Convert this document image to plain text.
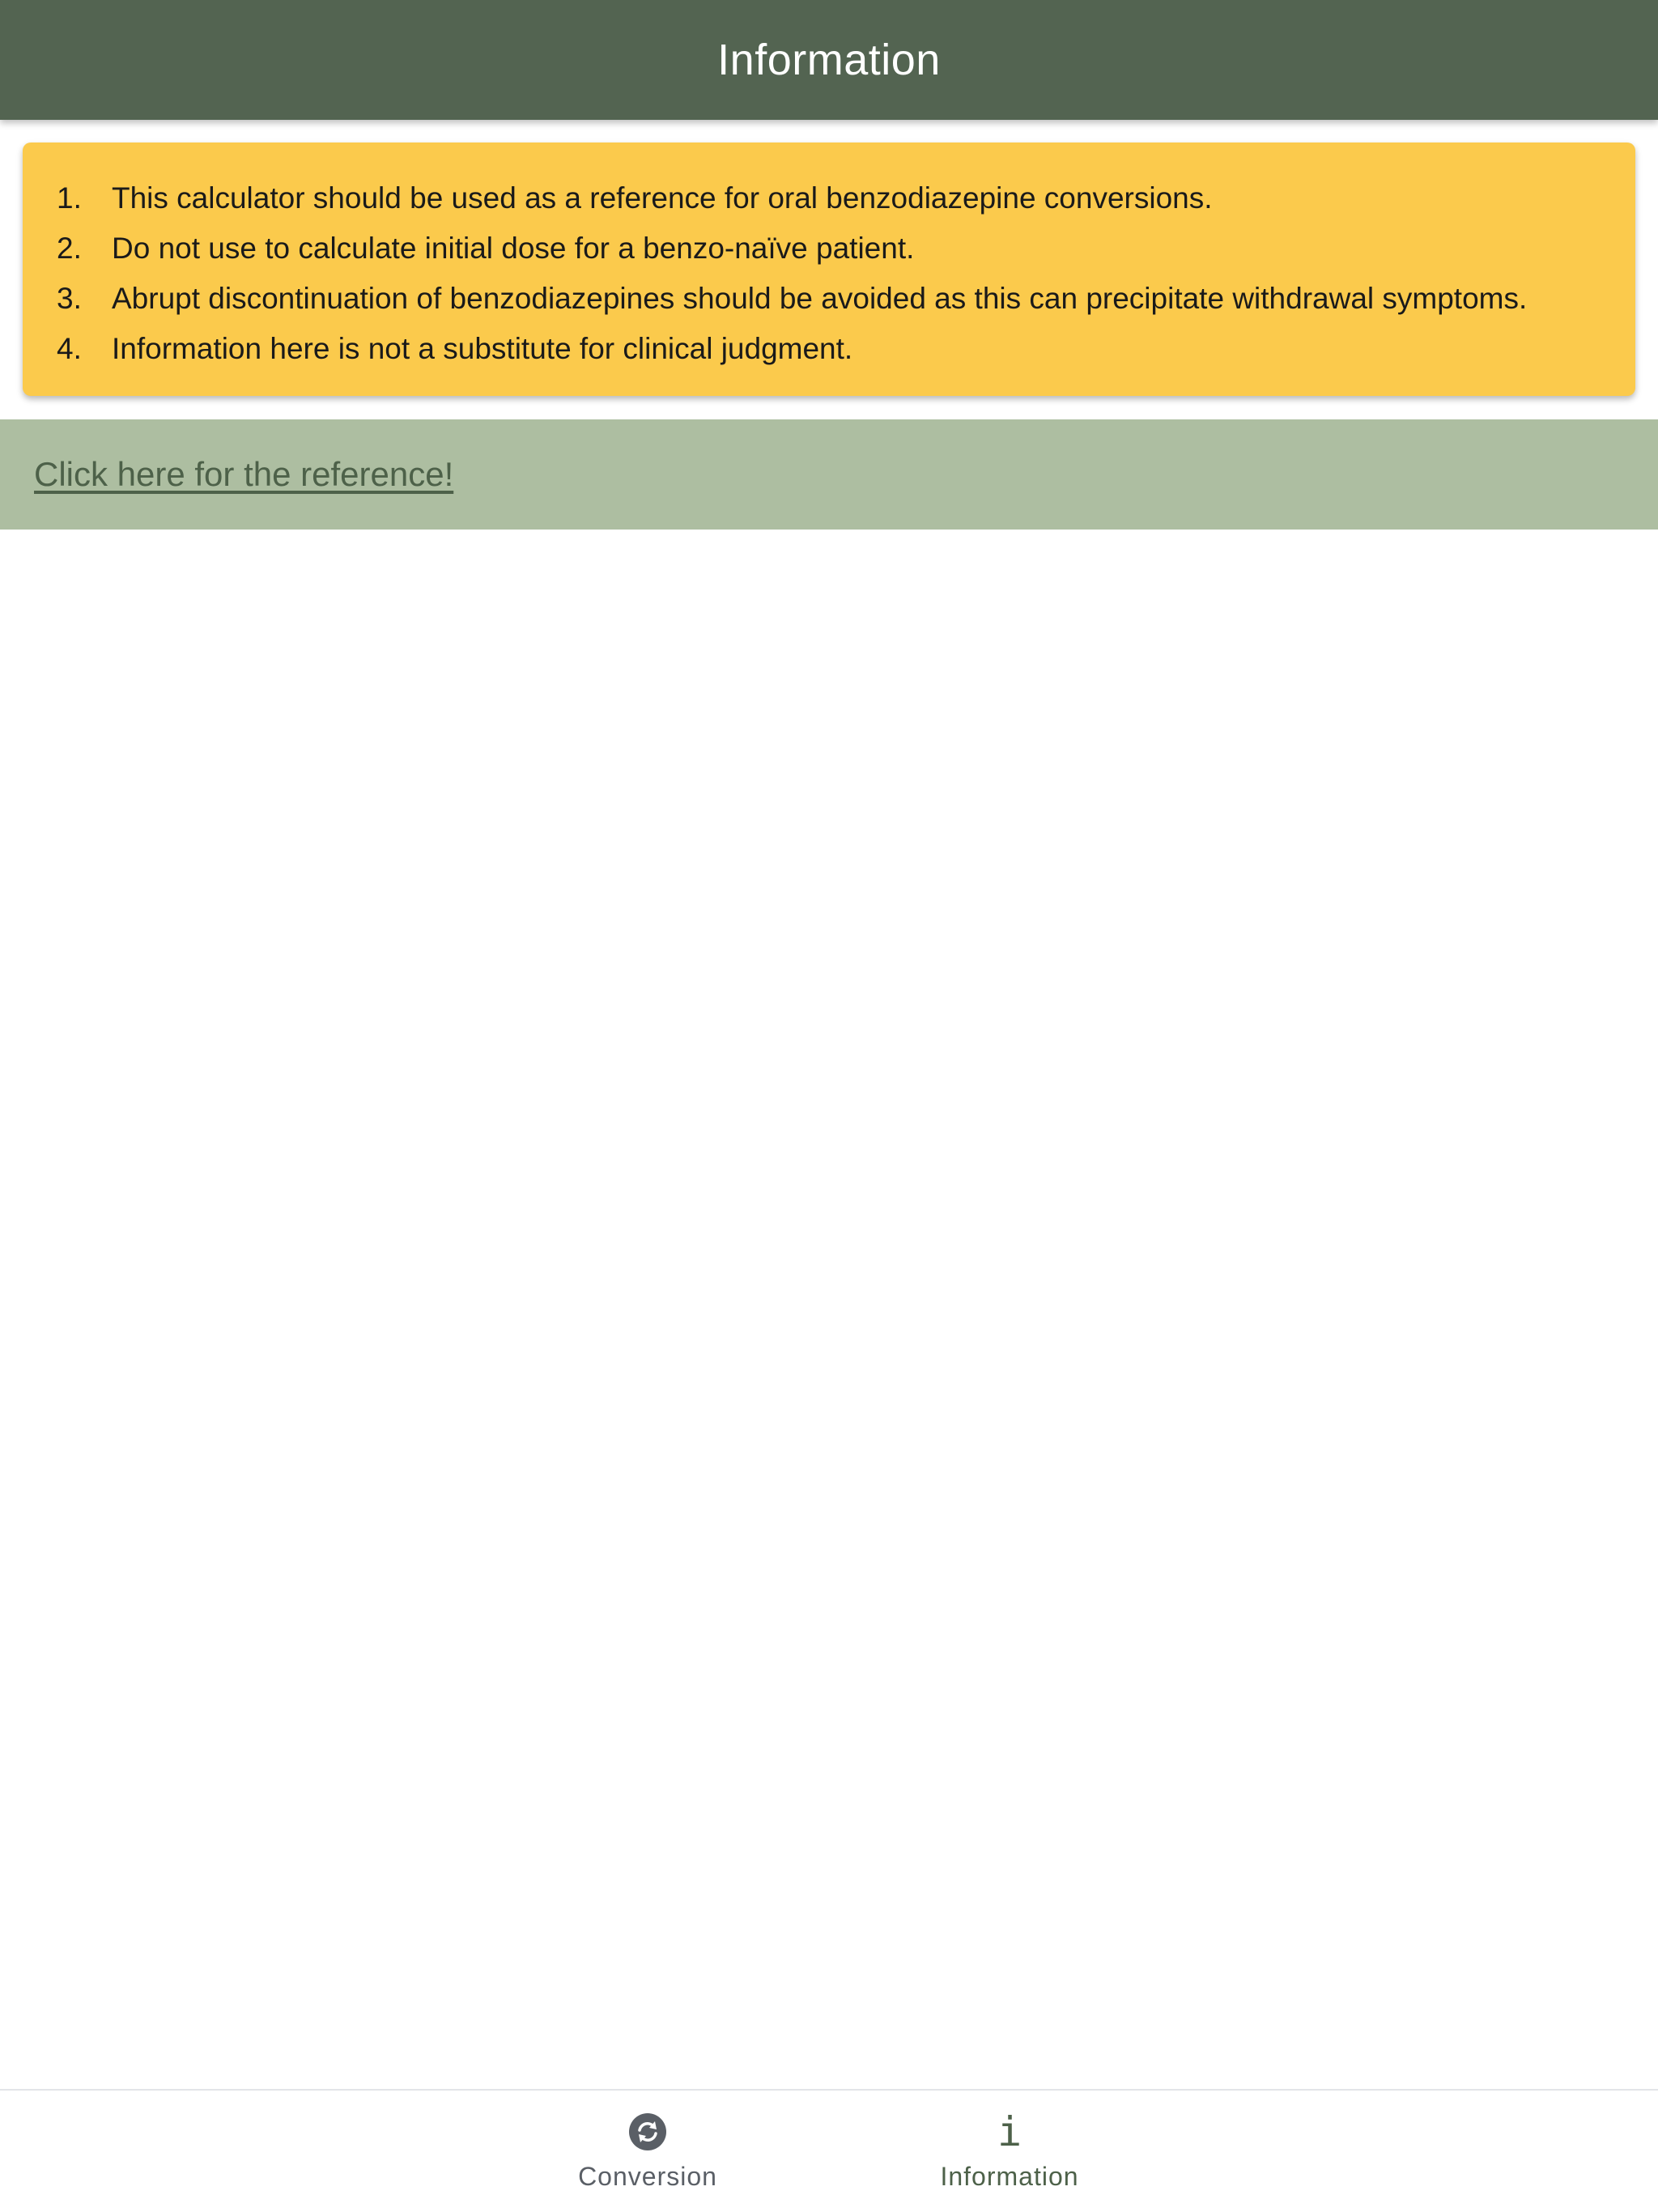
Information
1.	This calculator should be used as a reference for oral benzodiazepine conversions.
2.	Do not use to calculate initial dose for a benzo-naïve patient.
3.	Abrupt discontinuation of benzodiazepines should be avoided as this can precipitate withdrawal symptoms.
4.	Information here is not a substitute for clinical judgment.
Click here for the reference!
Conversion
i
Information
